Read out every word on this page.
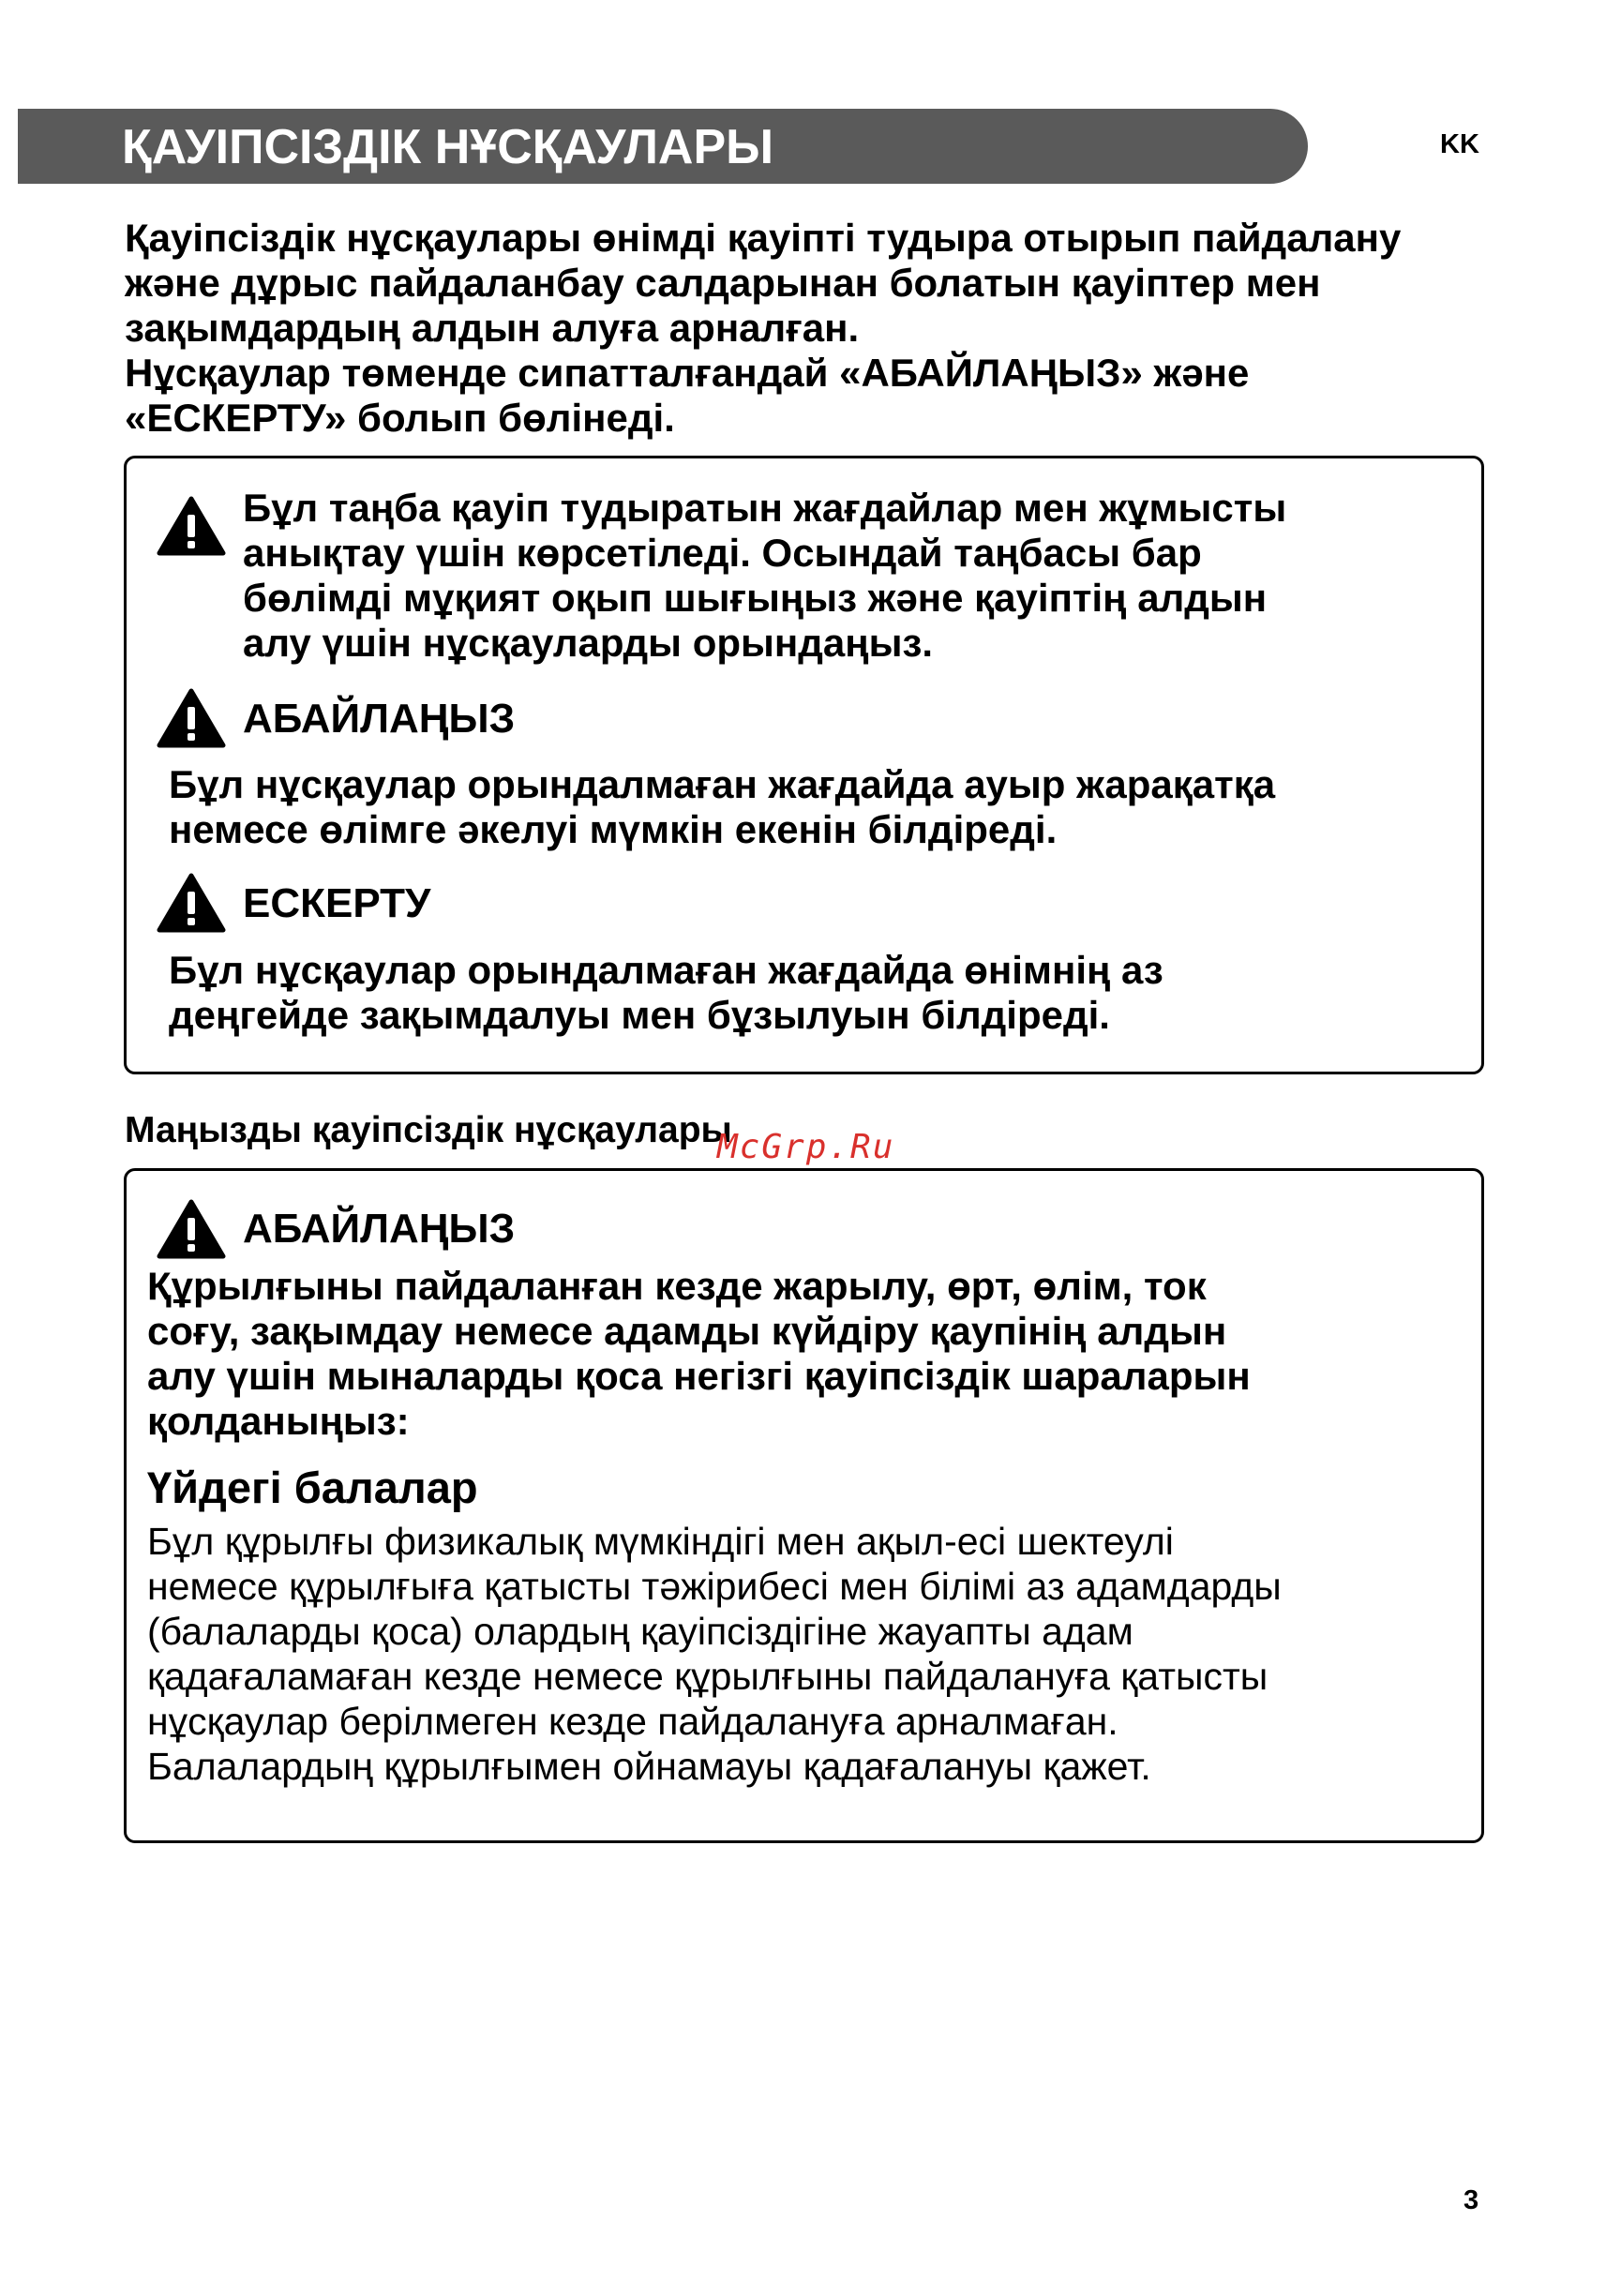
ҚАУІПСІЗДІК НҰСҚАУЛАРЫ	KK

Қауіпсіздік нұсқаулары өнімді қауіпті тудыра отырып пайдалану

және дұрыс пайдаланбау салдарынан болатын қауіптер мен

зақымдардың алдын алуға арналған.

Нұсқаулар төменде сипатталғандай «АБАЙЛАҢЫЗ» және

«ЕСКЕРТУ» болып бөлінеді.

Бұл таңба қауіп тудыратын жағдайлар мен жұмысты

анықтау үшін көрсетіледі. Осындай таңбасы бар

бөлімді мұқият оқып шығыңыз және қауіптің алдын

алу үшін нұсқауларды орындаңыз.

АБАЙЛАҢЫЗ

Бұл нұсқаулар орындалмаған жағдайда ауыр жарақатқа

немесе өлімге әкелуі мүмкін екенін білдіреді.

ЕСКЕРТУ

Бұл нұсқаулар орындалмаған жағдайда өнімнің аз

деңгейде зақымдалуы мен бұзылуын білдіреді.

Маңызды қауіпсіздік нұсқаулары
McGrp.Ru
АБАЙЛАҢЫЗ

Құрылғыны пайдаланған кезде жарылу, өрт, өлім, ток

соғу, зақымдау немесе адамды күйдіру қаупінің алдын

алу үшін мыналарды қоса негізгі қауіпсіздік шараларын

қолданыңыз:

Үйдегі балалар

Бұл құрылғы физикалық мүмкіндігі мен ақыл-есі шектеулі

немесе құрылғыға қатысты тәжірибесі мен білімі аз адамдарды

(балаларды қоса) олардың қауіпсіздігіне жауапты адам

қадағаламаған кезде немесе құрылғыны пайдалануға қатысты

нұсқаулар берілмеген кезде пайдалануға арналмаған.

Балалардың құрылғымен ойнамауы қадағалануы қажет.

3
